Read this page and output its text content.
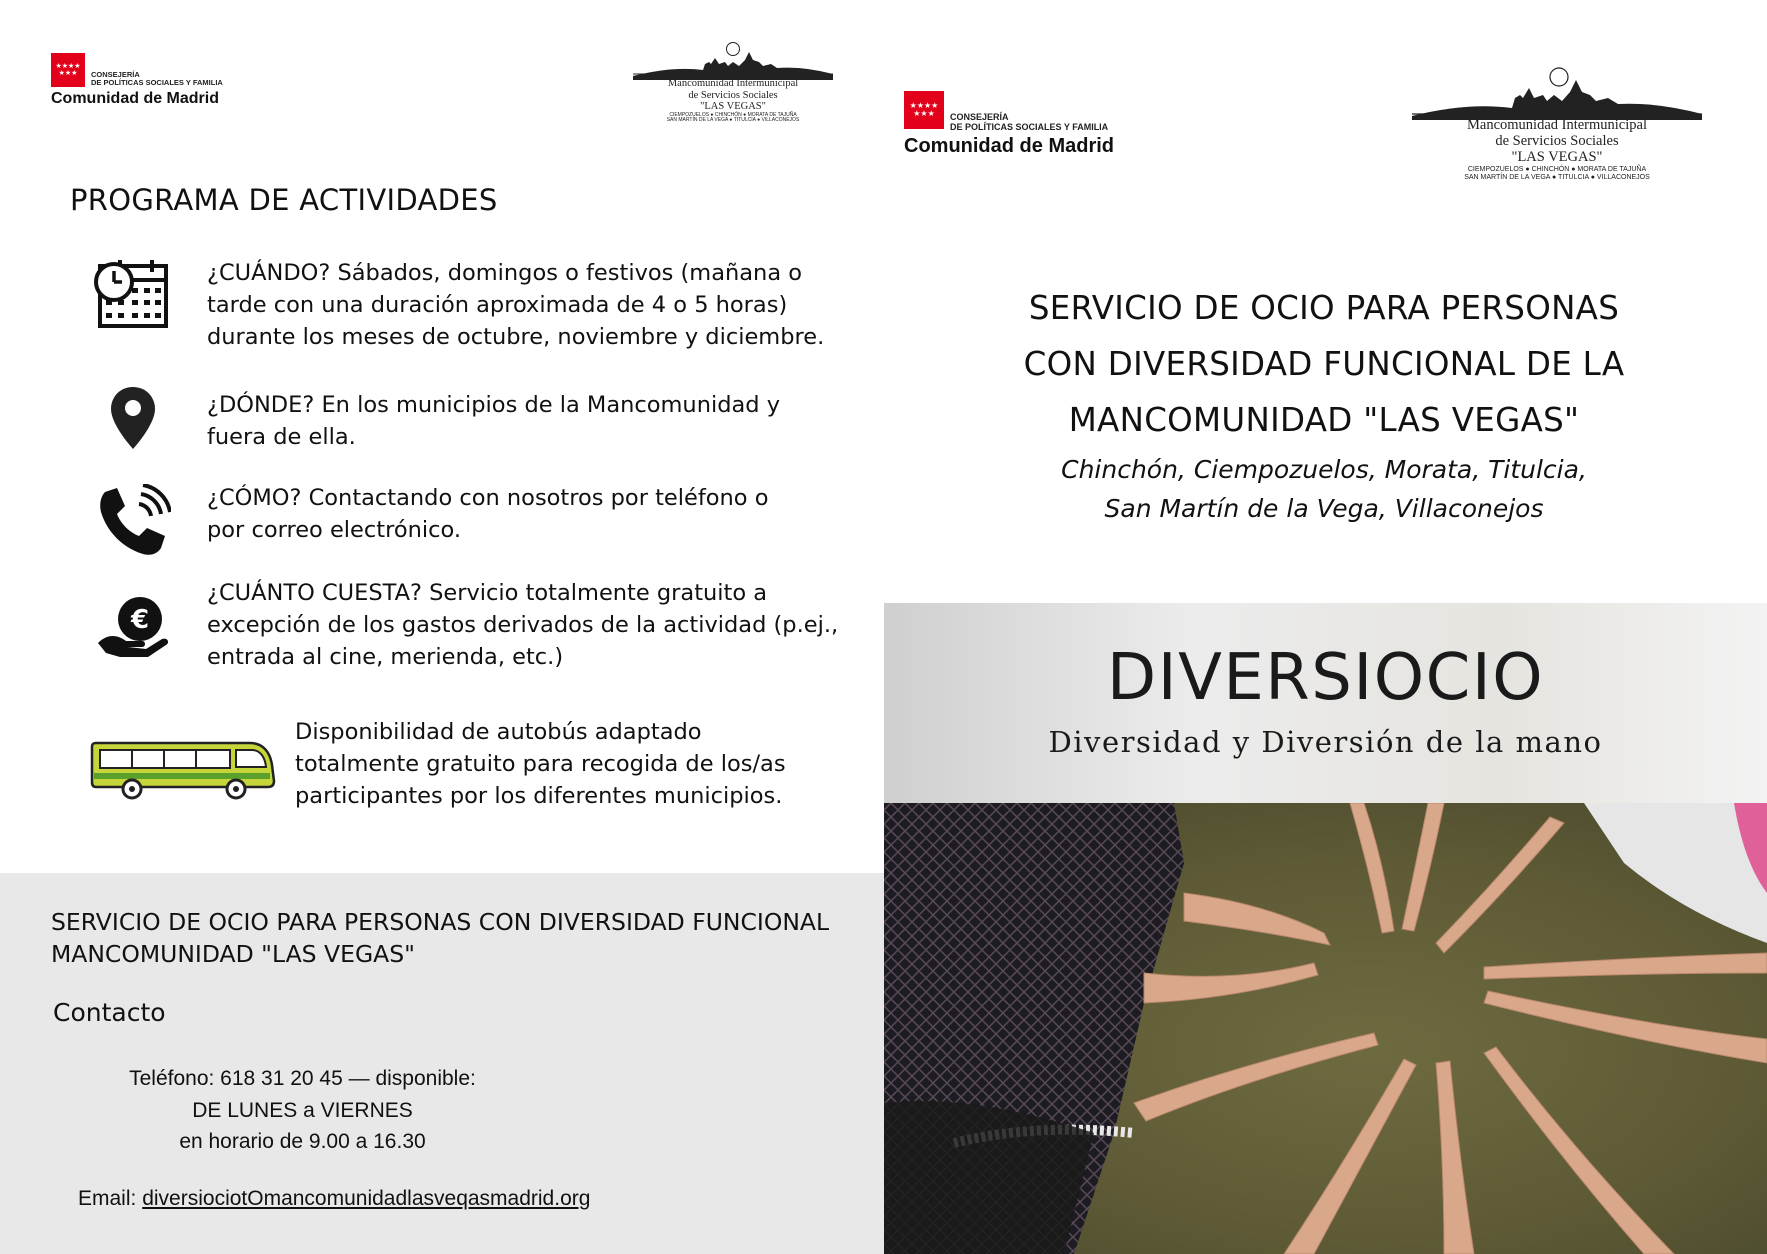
★★★★
★★★	CONSEJERÍA
DE POLÍTICAS SOCIALES Y FAMILIA
Comunidad de Madrid
Mancomunidad Intermunicipal
de Servicios Sociales
"LAS VEGAS"
CIEMPOZUELOS ● CHINCHÓN ● MORATA DE TAJUÑA
SAN MARTÍN DE LA VEGA ● TITULCIA ● VILLACONEJOS
★★★★
★★★	CONSEJERÍA
DE POLÍTICAS SOCIALES Y FAMILIA
Comunidad de Madrid
Mancomunidad Intermunicipal
de Servicios Sociales
"LAS VEGAS"
CIEMPOZUELOS ● CHINCHÓN ● MORATA DE TAJUÑA
SAN MARTÍN DE LA VEGA ● TITULCIA ● VILLACONEJOS
PROGRAMA DE ACTIVIDADES
¿CUÁNDO? Sábados, domingos o festivos (mañana o
tarde con una duración aproximada de 4 o 5 horas)
durante los meses de octubre, noviembre y diciembre.
¿DÓNDE? En los municipios de la Mancomunidad y
fuera de ella.
¿CÓMO? Contactando con nosotros por teléfono o
por correo electrónico.
€
¿CUÁNTO CUESTA? Servicio totalmente gratuito a
excepción de los gastos derivados de la actividad (p.ej.,
entrada al cine, merienda, etc.)
Disponibilidad de autobús adaptado
totalmente gratuito para recogida de los/as
participantes por los diferentes municipios.
SERVICIO DE OCIO PARA PERSONAS CON DIVERSIDAD FUNCIONAL
MANCOMUNIDAD "LAS VEGAS"
Contacto
Teléfono: 618 31 20 45 — disponible:
DE LUNES a VIERNES
en horario de 9.00 a 16.30
Email: diversiociotOmancomunidadlasveqasmadrid.org
SERVICIO DE OCIO PARA PERSONAS
CON DIVERSIDAD FUNCIONAL DE LA
MANCOMUNIDAD "LAS VEGAS"
Chinchón, Ciempozuelos, Morata, Titulcia,
San Martín de la Vega, Villaconejos
DIVERSIOCIO
Diversidad y Diversión de la mano
